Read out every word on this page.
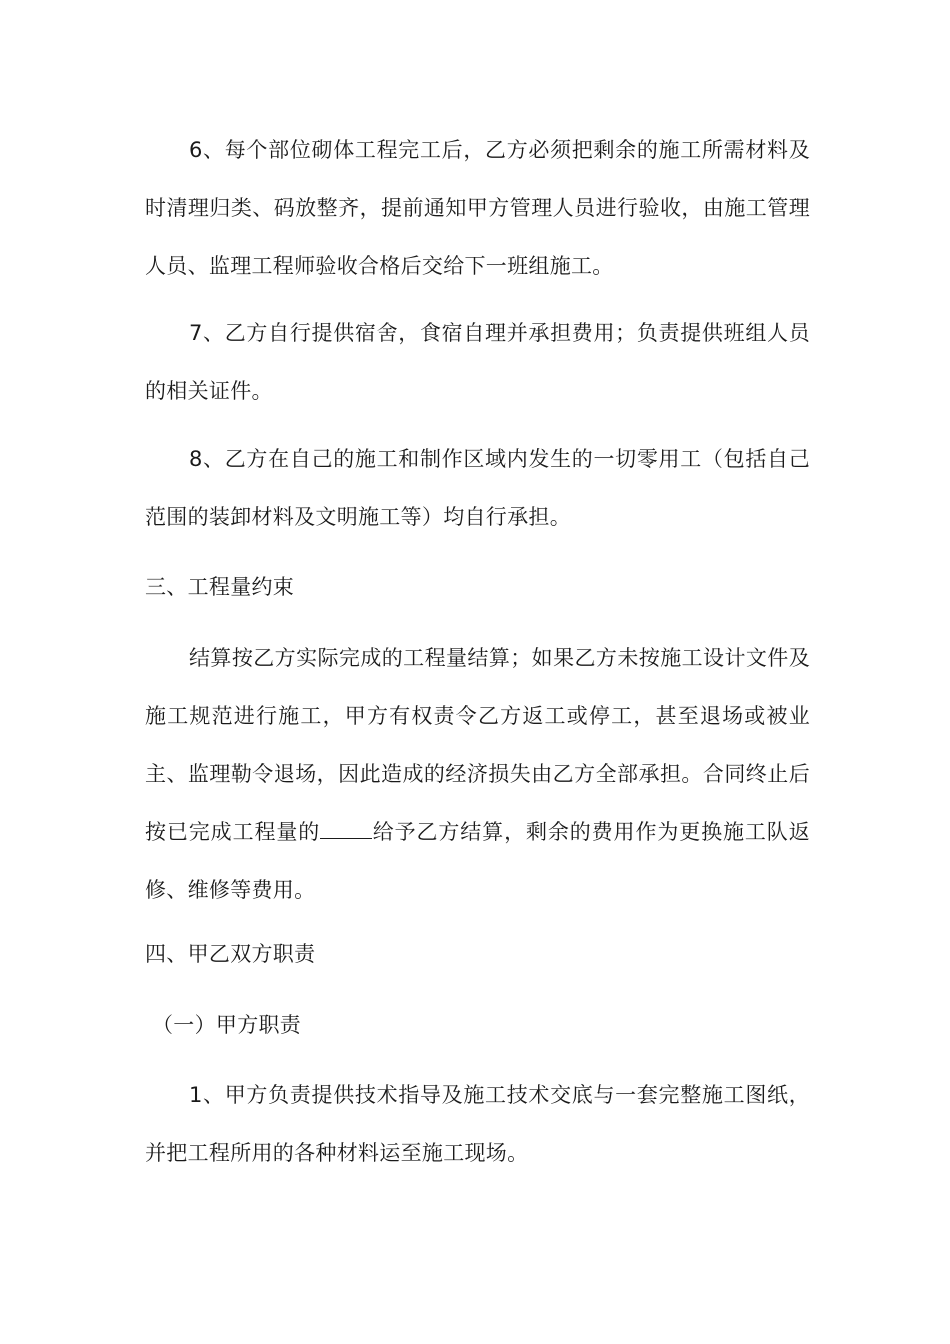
6、每个部位砌体工程完工后，乙方必须把剩余的施工所需材料及时清理归类、码放整齐，提前通知甲方管理人员进行验收，由施工管理人员、监理工程师验收合格后交给下一班组施工。

7、乙方自行提供宿舍，食宿自理并承担费用；负责提供班组人员的相关证件。

8、乙方在自己的施工和制作区域内发生的一切零用工（包括自己范围的装卸材料及文明施工等）均自行承担。

三、工程量约束

结算按乙方实际完成的工程量结算；如果乙方未按施工设计文件及施工规范进行施工，甲方有权责令乙方返工或停工，甚至退场或被业主、监理勒令退场，因此造成的经济损失由乙方全部承担。合同终止后按已完成工程量的 给予乙方结算，剩余的费用作为更换施工队返修、维修等费用。

四、甲乙双方职责

（一）甲方职责

1、甲方负责提供技术指导及施工技术交底与一套完整施工图纸，并把工程所用的各种材料运至施工现场。
